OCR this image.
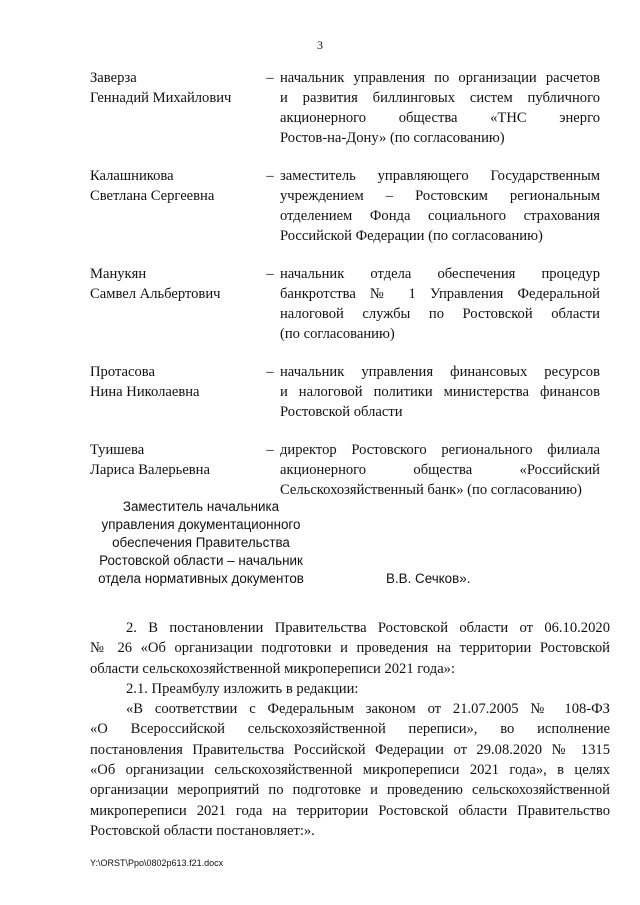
3
Заверза
Геннадий Михайлович
– начальник управления по организации расчетов
и развития биллинговых систем публичного
акционерного общества «ТНС энерго
Ростов-на-Дону» (по согласованию)
Калашникова
Светлана Сергеевна
– заместитель управляющего Государственным
учреждением – Ростовским региональным
отделением Фонда социального страхования
Российской Федерации (по согласованию)
Манукян
Самвел Альбертович
– начальник отдела обеспечения процедур
банкротства № 1 Управления Федеральной
налоговой службы по Ростовской области
(по согласованию)
Протасова
Нина Николаевна
– начальник управления финансовых ресурсов
и налоговой политики министерства финансов
Ростовской области
Туишева
Лариса Валерьевна
– директор Ростовского регионального филиала
акционерного общества «Российский
Сельскохозяйственный банк» (по согласованию)
Заместитель начальника
управления документационного
обеспечения Правительства
Ростовской области – начальник
отдела нормативных документов	В.В. Сечков».
2. В постановлении Правительства Ростовской области от 06.10.2020
№ 26 «Об организации подготовки и проведения на территории Ростовской
области сельскохозяйственной микропереписи 2021 года»:
2.1. Преамбулу изложить в редакции:
«В соответствии с Федеральным законом от 21.07.2005 № 108-ФЗ
«О Всероссийской сельскохозяйственной переписи», во исполнение
постановления Правительства Российской Федерации от 29.08.2020 № 1315
«Об организации сельскохозяйственной микропереписи 2021 года», в целях
организации мероприятий по подготовке и проведению сельскохозяйственной
микропереписи 2021 года на территории Ростовской области Правительство
Ростовской области постановляет:».
Y:\ORST\Ppo\0802p613.f21.docx
